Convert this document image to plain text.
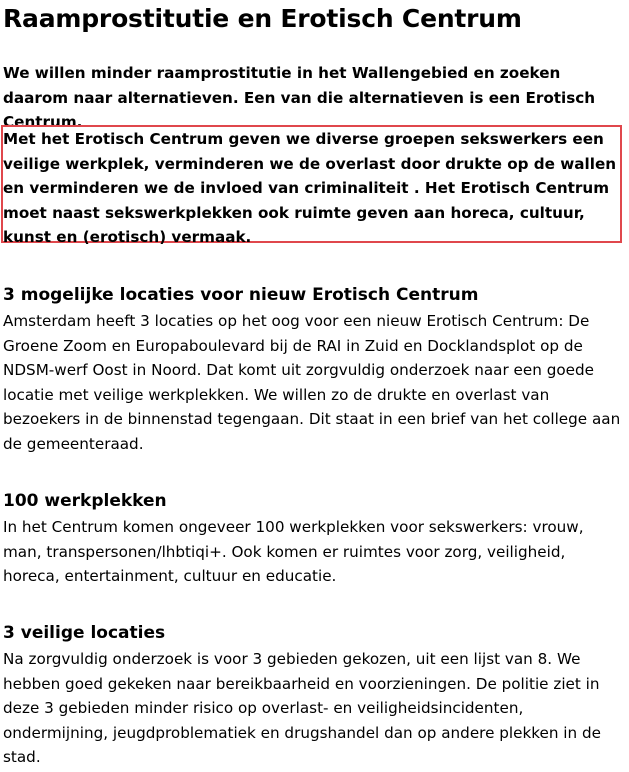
Raamprostitutie en Erotisch Centrum

We willen minder raamprostitutie in het Wallengebied en zoeken daarom naar alternatieven. Een van die alternatieven is een Erotisch Centrum.

Met het Erotisch Centrum geven we diverse groepen sekswerkers een veilige werkplek, verminderen we de overlast door drukte op de wallen en verminderen we de invloed van criminaliteit . Het Erotisch Centrum moet naast sekswerkplekken ook ruimte geven aan horeca, cultuur, kunst en (erotisch) vermaak.

3 mogelijke locaties voor nieuw Erotisch Centrum

Amsterdam heeft 3 locaties op het oog voor een nieuw Erotisch Centrum: De Groene Zoom en Europaboulevard bij de RAI in Zuid en Docklandsplot op de NDSM-werf Oost in Noord. Dat komt uit zorgvuldig onderzoek naar een goede locatie met veilige werkplekken. We willen zo de drukte en overlast van bezoekers in de binnenstad tegengaan. Dit staat in een brief van het college aan de gemeenteraad.

100 werkplekken

In het Centrum komen ongeveer 100 werkplekken voor sekswerkers: vrouw, man, transpersonen/lhbtiqi+. Ook komen er ruimtes voor zorg, veiligheid, horeca, entertainment, cultuur en educatie.

3 veilige locaties

Na zorgvuldig onderzoek is voor 3 gebieden gekozen, uit een lijst van 8. We hebben goed gekeken naar bereikbaarheid en voorzieningen. De politie ziet in deze 3 gebieden minder risico op overlast- en veiligheidsincidenten, ondermijning, jeugdproblematiek en drugshandel dan op andere plekken in de stad.
